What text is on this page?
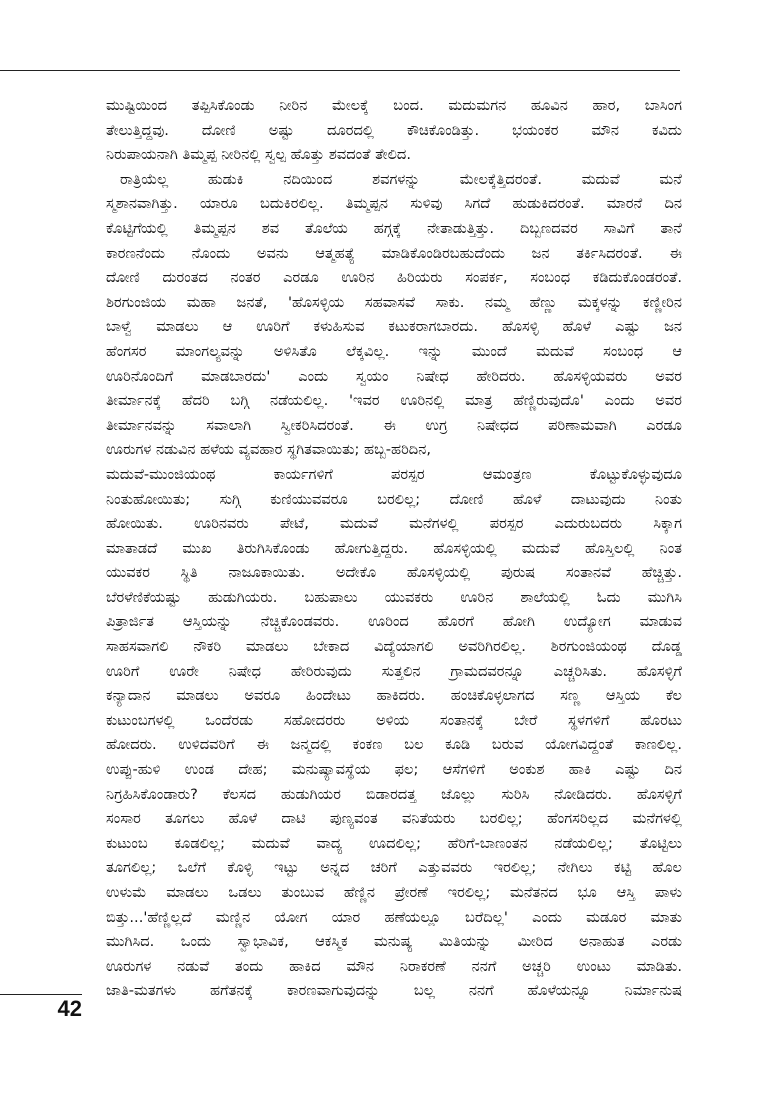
ಮುಷ್ಟಿಯಿಂದ ತಪ್ಪಿಸಿಕೊಂಡು ನೀರಿನ ಮೇಲಕ್ಕೆ ಬಂದ. ಮದುಮಗನ ಹೂವಿನ ಹಾರ, ಬಾಸಿಂಗ
ತೇಲುತ್ತಿದ್ದವು. ದೋಣಿ ಅಷ್ಟು ದೂರದಲ್ಲಿ ಕೌಚಿಕೊಂಡಿತ್ತು. ಭಯಂಕರ ಮೌನ ಕವಿದು
ನಿರುಪಾಯನಾಗಿ ತಿಮ್ಮಪ್ಪ ನೀರಿನಲ್ಲಿ ಸ್ವಲ್ಪ ಹೊತ್ತು ಶವದಂತೆ ತೇಲಿದ.
ರಾತ್ರಿಯೆಲ್ಲ ಹುಡುಕಿ ನದಿಯಿಂದ ಶವಗಳನ್ನು ಮೇಲಕ್ಕೆತ್ತಿದರಂತೆ. ಮದುವೆ ಮನೆ
ಸ್ಮಶಾನವಾಗಿತ್ತು. ಯಾರೂ ಬದುಕಿರಲಿಲ್ಲ. ತಿಮ್ಮಪ್ಪನ ಸುಳಿವು ಸಿಗದೆ ಹುಡುಕಿದರಂತೆ. ಮಾರನೆ ದಿನ
ಕೊಟ್ಟಿಗೆಯಲ್ಲಿ ತಿಮ್ಮಪ್ಪನ ಶವ ತೊಲೆಯ ಹಗ್ಗಕ್ಕೆ ನೇತಾಡುತ್ತಿತ್ತು. ದಿಬ್ಬಣದವರ ಸಾವಿಗೆ ತಾನೆ
ಕಾರಣನೆಂದು ನೊಂದು ಅವನು ಆತ್ಮಹತ್ಯೆ ಮಾಡಿಕೊಂಡಿರಬಹುದೆಂದು ಜನ ತರ್ಕಿಸಿದರಂತೆ. ಈ
ದೋಣಿ ದುರಂತದ ನಂತರ ಎರಡೂ ಊರಿನ ಹಿರಿಯರು ಸಂಪರ್ಕ, ಸಂಬಂಧ ಕಡಿದುಕೊಂಡರಂತೆ.
ಶಿರಗುಂಜಿಯ ಮಹಾ ಜನತೆ, 'ಹೊಸಳ್ಳಿಯ ಸಹವಾಸವೆ ಸಾಕು. ನಮ್ಮ ಹೆಣ್ಣು ಮಕ್ಕಳನ್ನು ಕಣ್ಣೀರಿನ
ಬಾಳ್ವೆ ಮಾಡಲು ಆ ಊರಿಗೆ ಕಳುಹಿಸುವ ಕಟುಕರಾಗಬಾರದು. ಹೊಸಳ್ಳಿ ಹೊಳೆ ಎಷ್ಟು ಜನ
ಹೆಂಗಸರ ಮಾಂಗಲ್ಯವನ್ನು ಅಳಿಸಿತೊ ಲೆಕ್ಕವಿಲ್ಲ. ಇನ್ನು ಮುಂದೆ ಮದುವೆ ಸಂಬಂಧ ಆ
ಊರಿನೊಂದಿಗೆ ಮಾಡಬಾರದು' ಎಂದು ಸ್ವಯಂ ನಿಷೇಧ ಹೇರಿದರು. ಹೊಸಳ್ಳಿಯವರು ಅವರ
ತೀರ್ಮಾನಕ್ಕೆ ಹೆದರಿ ಬಗ್ಗಿ ನಡೆಯಲಿಲ್ಲ. 'ಇವರ ಊರಿನಲ್ಲಿ ಮಾತ್ರ ಹೆಣ್ಣಿರುವುದೊ' ಎಂದು ಅವರ
ತೀರ್ಮಾನವನ್ನು ಸವಾಲಾಗಿ ಸ್ವೀಕರಿಸಿದರಂತೆ. ಈ ಉಗ್ರ ನಿಷೇಧದ ಪರಿಣಾಮವಾಗಿ ಎರಡೂ
ಊರುಗಳ ನಡುವಿನ ಹಳೆಯ ವ್ಯವಹಾರ ಸ್ಥಗಿತವಾಯಿತು; ಹಬ್ಬ-ಹರಿದಿನ,
ಮದುವೆ-ಮುಂಜಿಯಂಥ ಕಾರ್ಯಗಳಿಗೆ ಪರಸ್ಪರ ಆಮಂತ್ರಣ ಕೊಟ್ಟುಕೊಳ್ಳುವುದೂ
ನಿಂತುಹೋಯಿತು; ಸುಗ್ಗಿ ಕುಣಿಯುವವರೂ ಬರಲಿಲ್ಲ; ದೋಣಿ ಹೊಳೆ ದಾಟುವುದು ನಿಂತು
ಹೋಯಿತು. ಊರಿನವರು ಪೇಟೆ, ಮದುವೆ ಮನೆಗಳಲ್ಲಿ ಪರಸ್ಪರ ಎದುರುಬದರು ಸಿಕ್ಕಾಗ
ಮಾತಾಡದೆ ಮುಖ ತಿರುಗಿಸಿಕೊಂಡು ಹೋಗುತ್ತಿದ್ದರು. ಹೊಸಳ್ಳಿಯಲ್ಲಿ ಮದುವೆ ಹೊಸ್ತಿಲಲ್ಲಿ ನಿಂತ
ಯುವಕರ ಸ್ಥಿತಿ ನಾಜೂಕಾಯಿತು. ಅದೇಕೊ ಹೊಸಳ್ಳಿಯಲ್ಲಿ ಪುರುಷ ಸಂತಾನವೆ ಹೆಚ್ಚಿತ್ತು.
ಬೆರಳೆಣಿಕೆಯಷ್ಟು ಹುಡುಗಿಯರು. ಬಹುಪಾಲು ಯುವಕರು ಊರಿನ ಶಾಲೆಯಲ್ಲಿ ಓದು ಮುಗಿಸಿ
ಪಿತ್ರಾರ್ಜಿತ ಆಸ್ತಿಯನ್ನು ನೆಚ್ಚಿಕೊಂಡವರು. ಊರಿಂದ ಹೊರಗೆ ಹೋಗಿ ಉದ್ಯೋಗ ಮಾಡುವ
ಸಾಹಸವಾಗಲಿ ನೌಕರಿ ಮಾಡಲು ಬೇಕಾದ ವಿದ್ಯೆಯಾಗಲಿ ಅವರಿಗಿರಲಿಲ್ಲ. ಶಿರಗುಂಜಿಯಂಥ ದೊಡ್ಡ
ಊರಿಗೆ ಊರೇ ನಿಷೇಧ ಹೇರಿರುವುದು ಸುತ್ತಲಿನ ಗ್ರಾಮದವರನ್ನೂ ಎಚ್ಚರಿಸಿತು. ಹೊಸಳ್ಳಿಗೆ
ಕನ್ಯಾದಾನ ಮಾಡಲು ಅವರೂ ಹಿಂದೇಟು ಹಾಕಿದರು. ಹಂಚಿಕೊಳ್ಳಲಾಗದ ಸಣ್ಣ ಆಸ್ತಿಯ ಕೆಲ
ಕುಟುಂಬಗಳಲ್ಲಿ ಒಂದೆರಡು ಸಹೋದರರು ಅಳಿಯ ಸಂತಾನಕ್ಕೆ ಬೇರೆ ಸ್ಥಳಗಳಿಗೆ ಹೊರಟು
ಹೋದರು. ಉಳಿದವರಿಗೆ ಈ ಜನ್ಮದಲ್ಲಿ ಕಂಕಣ ಬಲ ಕೂಡಿ ಬರುವ ಯೋಗವಿದ್ದಂತೆ ಕಾಣಲಿಲ್ಲ.
ಉಪ್ಪು-ಹುಳಿ ಉಂಡ ದೇಹ; ಮನುಷ್ಯಾವಸ್ಥೆಯ ಫಲ; ಆಸೆಗಳಿಗೆ ಅಂಕುಶ ಹಾಕಿ ಎಷ್ಟು ದಿನ
ನಿಗ್ರಹಿಸಿಕೊಂಡಾರು? ಕೆಲಸದ ಹುಡುಗಿಯರ ಬಿಡಾರದತ್ತ ಜೊಲ್ಲು ಸುರಿಸಿ ನೋಡಿದರು. ಹೊಸಳ್ಳಿಗೆ
ಸಂಸಾರ ತೂಗಲು ಹೊಳೆ ದಾಟಿ ಪುಣ್ಯವಂತ ವನಿತೆಯರು ಬರಲಿಲ್ಲ; ಹೆಂಗಸರಿಲ್ಲದ ಮನೆಗಳಲ್ಲಿ
ಕುಟುಂಬ ಕೂಡಲಿಲ್ಲ; ಮದುವೆ ವಾದ್ಯ ಊದಲಿಲ್ಲ; ಹೆರಿಗೆ-ಬಾಣಂತನ ನಡೆಯಲಿಲ್ಲ; ತೊಟ್ಟಿಲು
ತೂಗಲಿಲ್ಲ; ಒಲೆಗೆ ಕೊಳ್ಳಿ ಇಟ್ಟು ಅನ್ನದ ಚರಿಗೆ ಎತ್ತುವವರು ಇರಲಿಲ್ಲ; ನೇಗಿಲು ಕಟ್ಟಿ ಹೊಲ
ಉಳುಮೆ ಮಾಡಲು ಒಡಲು ತುಂಬುವ ಹೆಣ್ಣಿನ ಪ್ರೇರಣೆ ಇರಲಿಲ್ಲ; ಮನೆತನದ ಭೂ ಆಸ್ತಿ ಪಾಳು
ಬಿತ್ತು...'ಹೆಣ್ಣಿಲ್ಲದೆ ಮಣ್ಣಿನ ಯೋಗ ಯಾರ ಹಣೆಯಲ್ಲೂ ಬರೆದಿಲ್ಲ' ಎಂದು ಮಡೂರ ಮಾತು
ಮುಗಿಸಿದ. ಒಂದು ಸ್ವಾಭಾವಿಕ, ಆಕಸ್ಮಿಕ ಮನುಷ್ಯ ಮಿತಿಯನ್ನು ಮೀರಿದ ಅನಾಹುತ ಎರಡು
ಊರುಗಳ ನಡುವೆ ತಂದು ಹಾಕಿದ ಮೌನ ನಿರಾಕರಣೆ ನನಗೆ ಅಚ್ಚರಿ ಉಂಟು ಮಾಡಿತು.
ಜಾತಿ-ಮತಗಳು ಹಗೆತನಕ್ಕೆ ಕಾರಣವಾಗುವುದನ್ನು ಬಲ್ಲ ನನಗೆ ಹೊಳೆಯನ್ನೂ ನಿರ್ಮಾನುಷ
42
